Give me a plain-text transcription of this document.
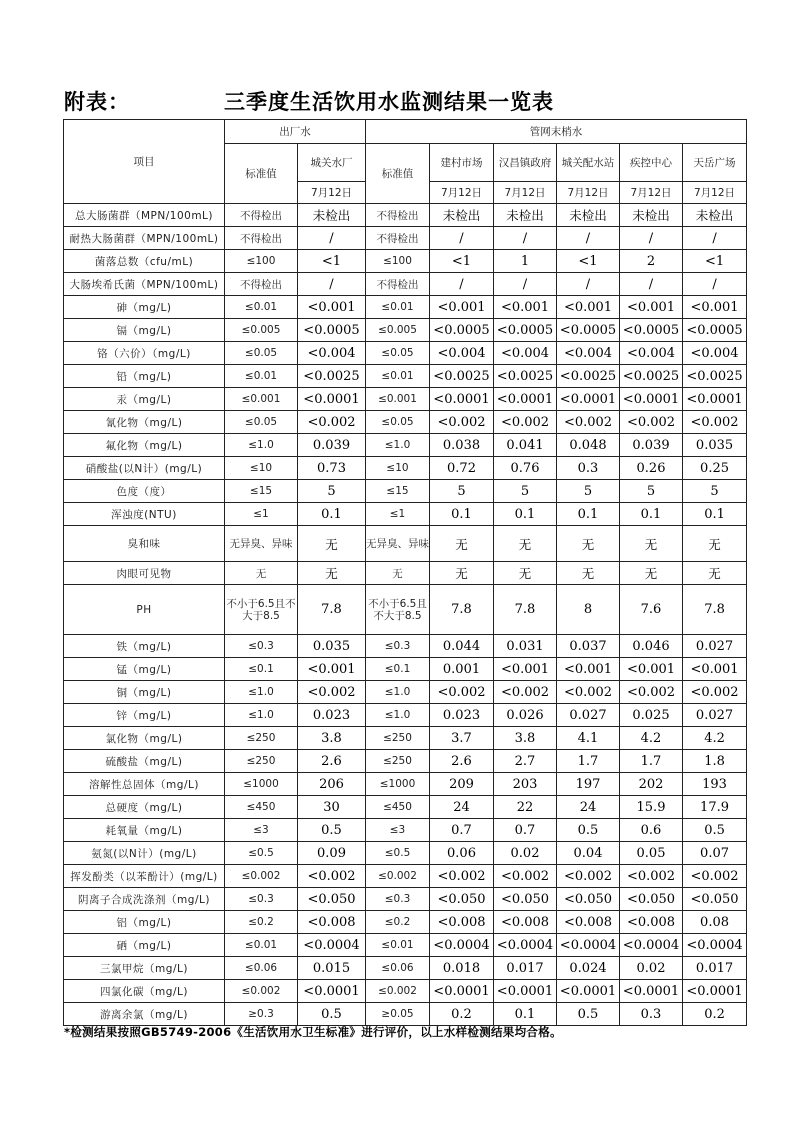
附表：	三季度生活饮用水监测结果一览表
项目	出厂水		管网末梢水					
	标准值	城关水厂	标准值	建村市场	汉昌镇政府	城关配水站	疾控中心	天岳广场
		7月12日		7月12日	7月12日	7月12日	7月12日	7月12日
总大肠菌群（MPN/100mL)	不得检出	未检出	不得检出	未检出	未检出	未检出	未检出	未检出
耐热大肠菌群（MPN/100mL)	不得检出	/	不得检出	/	/	/	/	/
菌落总数（cfu/mL)	≤100	<1	≤100	<1	1	<1	2	<1
大肠埃希氏菌（MPN/100mL)	不得检出	/	不得检出	/	/	/	/	/
砷（mg/L)	≤0.01	<0.001	≤0.01	<0.001	<0.001	<0.001	<0.001	<0.001
镉（mg/L)	≤0.005	<0.0005	≤0.005	<0.0005	<0.0005	<0.0005	<0.0005	<0.0005
铬（六价）（mg/L)	≤0.05	<0.004	≤0.05	<0.004	<0.004	<0.004	<0.004	<0.004
铅（mg/L)	≤0.01	<0.0025	≤0.01	<0.0025	<0.0025	<0.0025	<0.0025	<0.0025
汞（mg/L)	≤0.001	<0.0001	≤0.001	<0.0001	<0.0001	<0.0001	<0.0001	<0.0001
氰化物（mg/L)	≤0.05	<0.002	≤0.05	<0.002	<0.002	<0.002	<0.002	<0.002
氟化物（mg/L)	≤1.0	0.039	≤1.0	0.038	0.041	0.048	0.039	0.035
硝酸盐(以N计）(mg/L)	≤10	0.73	≤10	0.72	0.76	0.3	0.26	0.25
色度（度）	≤15	5	≤15	5	5	5	5	5
浑浊度(NTU)	≤1	0.1	≤1	0.1	0.1	0.1	0.1	0.1
臭和味	无异臭、异味	无	无异臭、异味	无	无	无	无	无
肉眼可见物	无	无	无	无	无	无	无	无
PH	不小于6.5且不大于8.5	7.8	不小于6.5且不大于8.5	7.8	7.8	8	7.6	7.8
铁（mg/L)	≤0.3	0.035	≤0.3	0.044	0.031	0.037	0.046	0.027
锰（mg/L)	≤0.1	<0.001	≤0.1	0.001	<0.001	<0.001	<0.001	<0.001
铜（mg/L)	≤1.0	<0.002	≤1.0	<0.002	<0.002	<0.002	<0.002	<0.002
锌（mg/L)	≤1.0	0.023	≤1.0	0.023	0.026	0.027	0.025	0.027
氯化物（mg/L)	≤250	3.8	≤250	3.7	3.8	4.1	4.2	4.2
硫酸盐（mg/L)	≤250	2.6	≤250	2.6	2.7	1.7	1.7	1.8
溶解性总固体（mg/L)	≤1000	206	≤1000	209	203	197	202	193
总硬度（mg/L)	≤450	30	≤450	24	22	24	15.9	17.9
耗氧量（mg/L)	≤3	0.5	≤3	0.7	0.7	0.5	0.6	0.5
氨氮(以N计）(mg/L)	≤0.5	0.09	≤0.5	0.06	0.02	0.04	0.05	0.07
挥发酚类（以苯酚计）(mg/L)	≤0.002	<0.002	≤0.002	<0.002	<0.002	<0.002	<0.002	<0.002
阴离子合成洗涤剂（mg/L)	≤0.3	<0.050	≤0.3	<0.050	<0.050	<0.050	<0.050	<0.050
铝（mg/L)	≤0.2	<0.008	≤0.2	<0.008	<0.008	<0.008	<0.008	0.08
硒（mg/L)	≤0.01	<0.0004	≤0.01	<0.0004	<0.0004	<0.0004	<0.0004	<0.0004
三氯甲烷（mg/L)	≤0.06	0.015	≤0.06	0.018	0.017	0.024	0.02	0.017
四氯化碳（mg/L)	≤0.002	<0.0001	≤0.002	<0.0001	<0.0001	<0.0001	<0.0001	<0.0001
游离余氯（mg/L)	≥0.3	0.5	≥0.05	0.2	0.1	0.5	0.3	0.2
*检测结果按照GB5749-2006《生活饮用水卫生标准》进行评价，以上水样检测结果均合格。
